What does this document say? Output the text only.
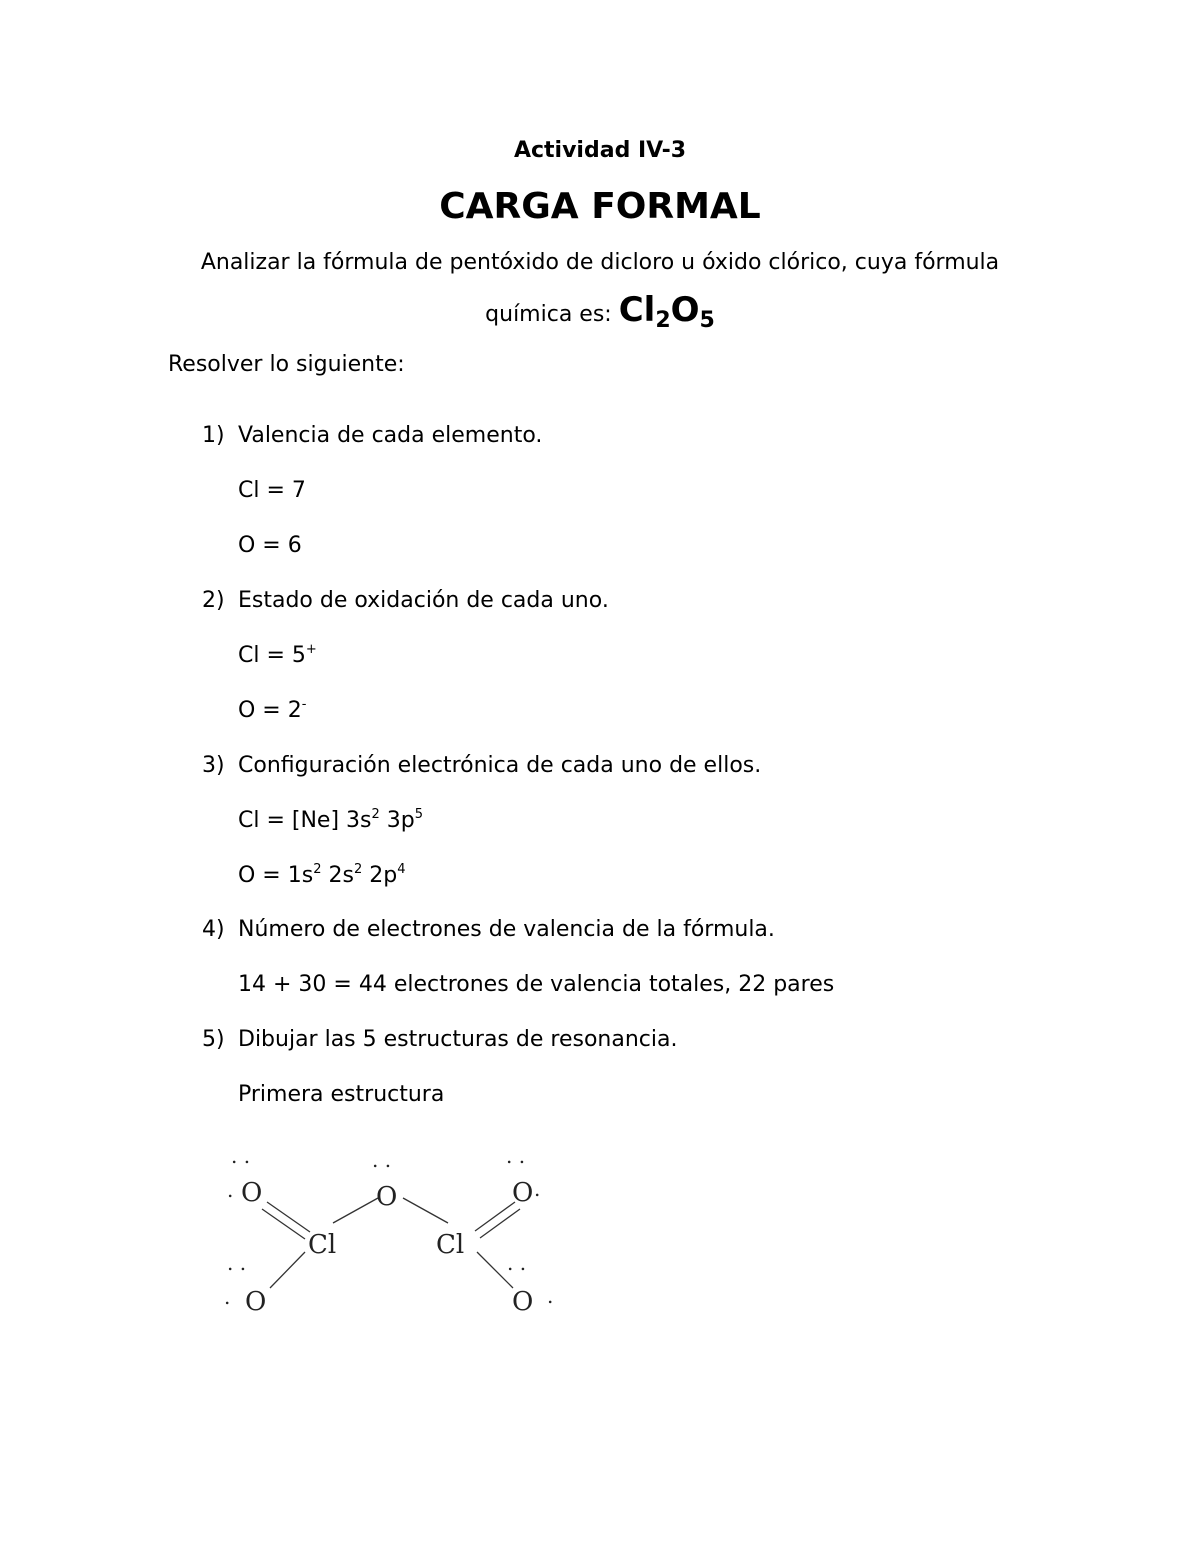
Actividad IV-3
CARGA FORMAL
Analizar la fórmula de pentóxido de dicloro u óxido clórico, cuya fórmula
química es: $Cl_2O_5$
Resolver lo siguiente:
1) Valencia de cada elemento.
Cl = 7
O = 6
2) Estado de oxidación de cada uno.
Cl = 5+
O = 2-
3) Configuración electrónica de cada uno de ellos.
Cl = [Ne] $3s^2$ $3p^5$
$O = 1s^2$ $2s^2$ $2p^4$
4) Número de electrones de valencia de la fórmula.
14 + 30 = 44 electrones de valencia totales, 22 pares
5) Dibujar las 5 estructuras de resonancia.
Primera estructura
O	O	O
Cl	Cl
O	O
. .	. .	. .
.	.
. .	. .
.	.
